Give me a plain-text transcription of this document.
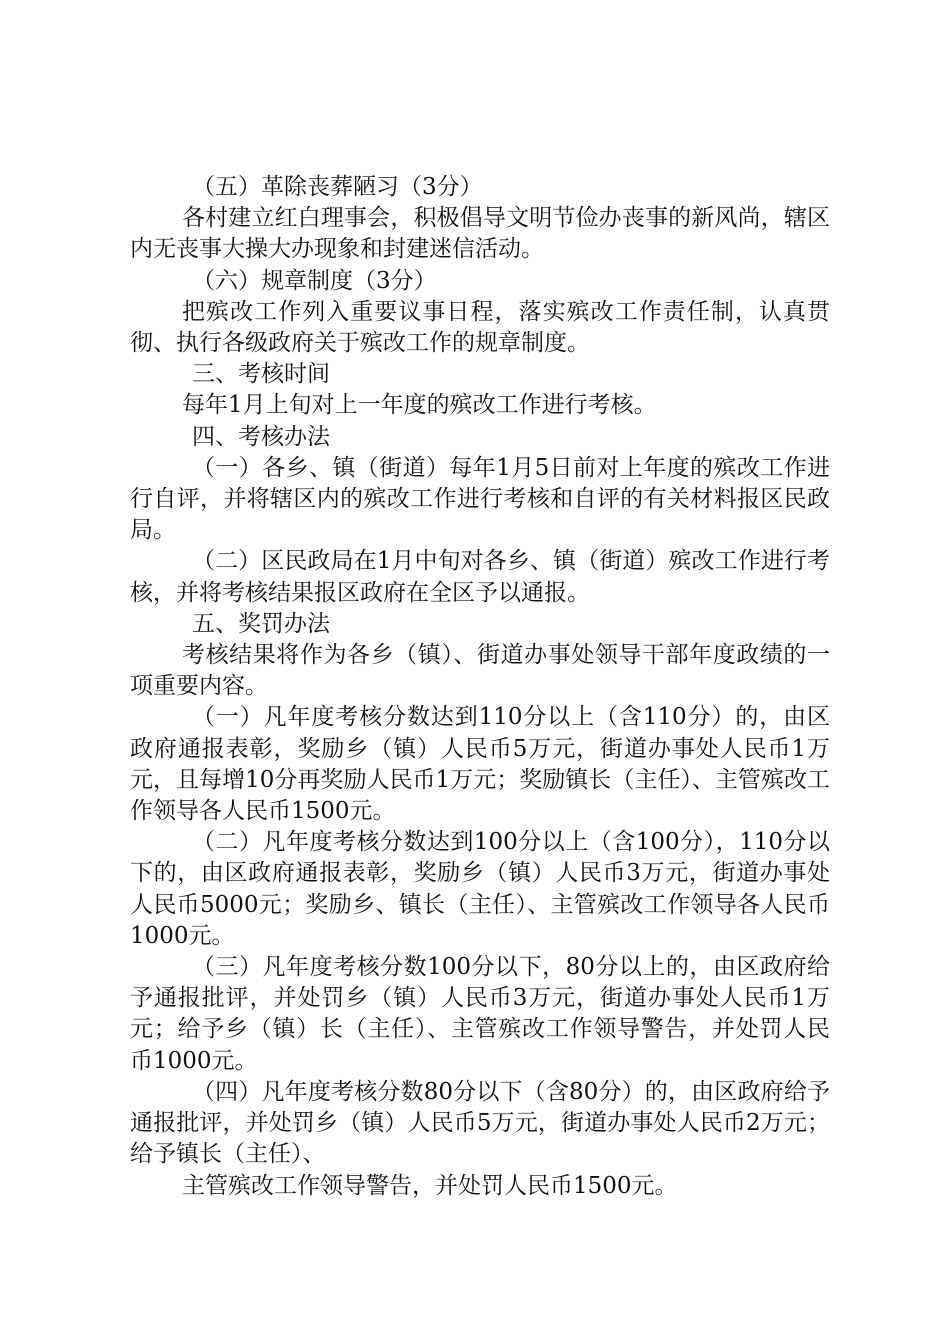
（五）革除丧葬陋习（3分）

各村建立红白理事会，积极倡导文明节俭办丧事的新风尚，辖区内无丧事大操大办现象和封建迷信活动。

（六）规章制度（3分）

把殡改工作列入重要议事日程，落实殡改工作责任制，认真贯彻、执行各级政府关于殡改工作的规章制度。

三、考核时间

每年1月上旬对上一年度的殡改工作进行考核。

四、考核办法

（一）各乡、镇（街道）每年1月5日前对上年度的殡改工作进行自评，并将辖区内的殡改工作进行考核和自评的有关材料报区民政局。

（二）区民政局在1月中旬对各乡、镇（街道）殡改工作进行考核，并将考核结果报区政府在全区予以通报。

五、奖罚办法

考核结果将作为各乡（镇）、街道办事处领导干部年度政绩的一项重要内容。

（一）凡年度考核分数达到110分以上（含110分）的，由区政府通报表彰，奖励乡（镇）人民币5万元，街道办事处人民币1万元，且每增10分再奖励人民币1万元；奖励镇长（主任）、主管殡改工作领导各人民币1500元。

（二）凡年度考核分数达到100分以上（含100分），110分以下的，由区政府通报表彰，奖励乡（镇）人民币3万元，街道办事处人民币5000元；奖励乡、镇长（主任）、主管殡改工作领导各人民币1000元。

（三）凡年度考核分数100分以下，80分以上的，由区政府给予通报批评，并处罚乡（镇）人民币3万元，街道办事处人民币1万元；给予乡（镇）长（主任）、主管殡改工作领导警告，并处罚人民币1000元。

（四）凡年度考核分数80分以下（含80分）的，由区政府给予通报批评，并处罚乡（镇）人民币5万元，街道办事处人民币2万元；给予镇长（主任）、

主管殡改工作领导警告，并处罚人民币1500元。
